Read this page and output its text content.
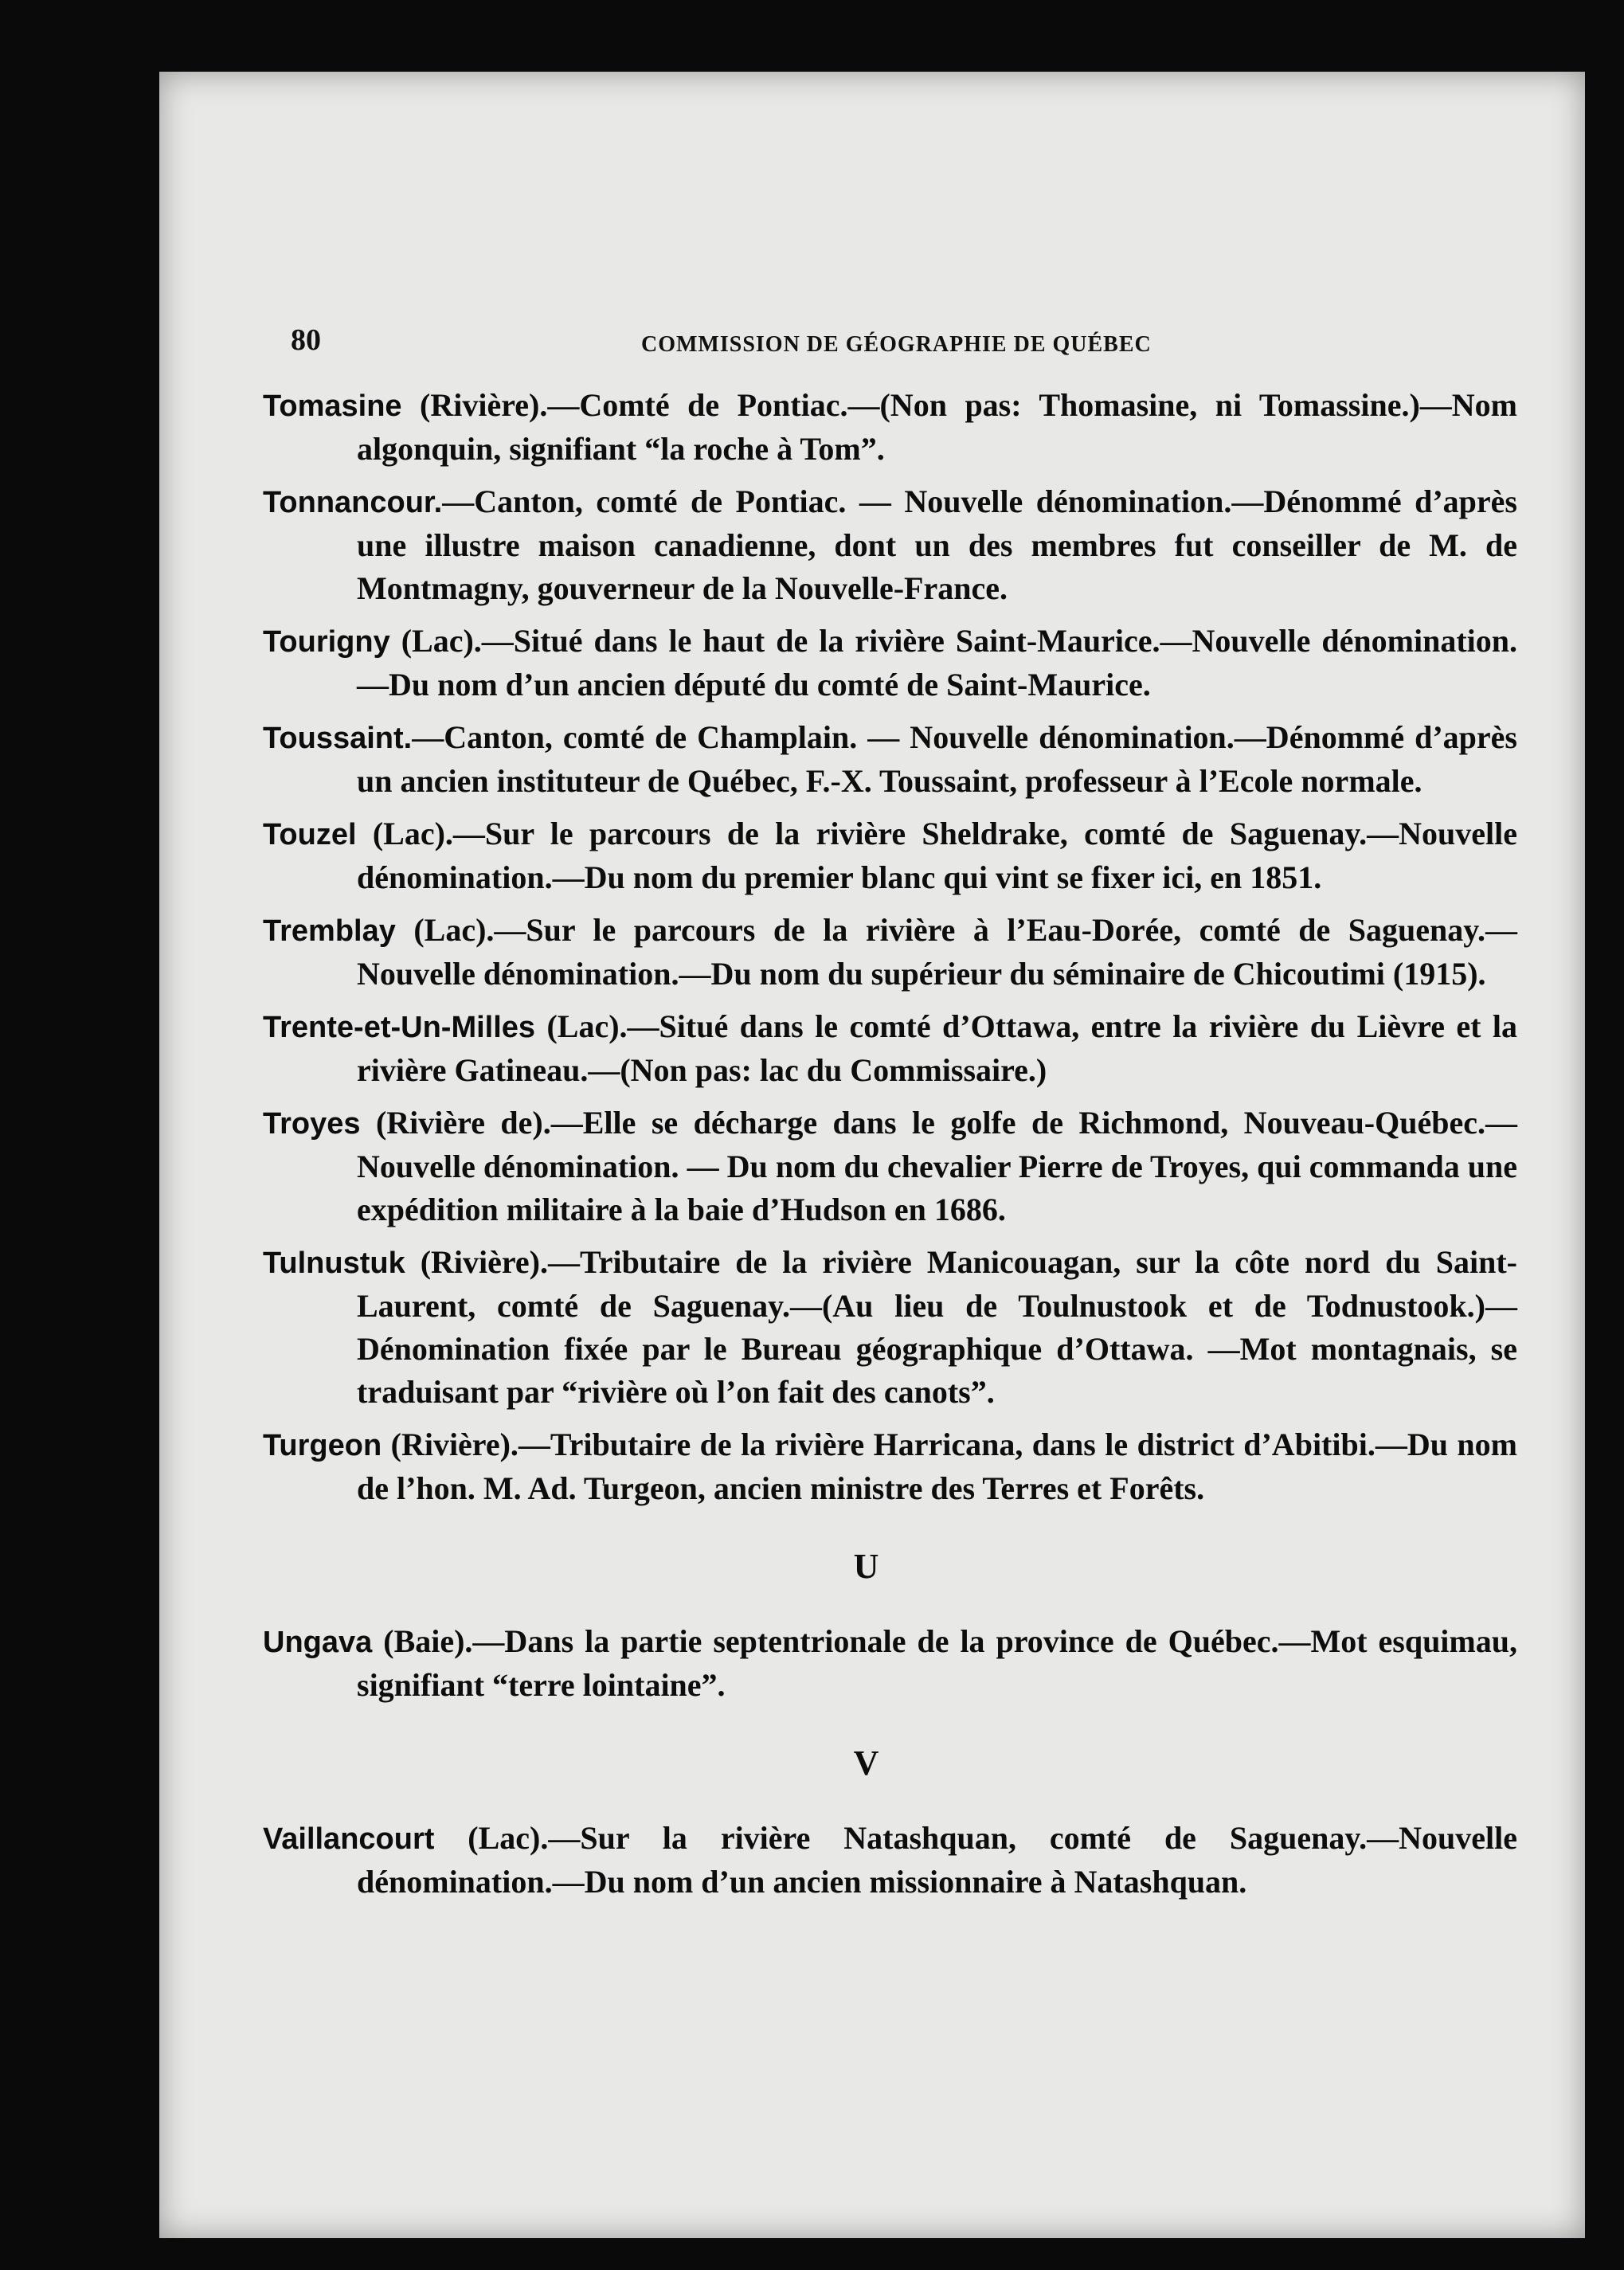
80	COMMISSION DE GÉOGRAPHIE DE QUÉBEC

Tomasine (Rivière).—Comté de Pontiac.—(Non pas: Thomasine, ni Tomassine.)—Nom algonquin, signifiant “la roche à Tom”.

Tonnancour.—Canton, comté de Pontiac. — Nouvelle dénomination.—Dénommé d’après une illustre maison canadienne, dont un des membres fut conseiller de M. de Montmagny, gouverneur de la Nouvelle-France.

Tourigny (Lac).—Situé dans le haut de la rivière Saint-Maurice.—Nouvelle dénomination.—Du nom d’un ancien député du comté de Saint-Maurice.

Toussaint.—Canton, comté de Champlain. — Nouvelle dénomination.—Dénommé d’après un ancien instituteur de Québec, F.-X. Toussaint, professeur à l’Ecole normale.

Touzel (Lac).—Sur le parcours de la rivière Sheldrake, comté de Saguenay.—Nouvelle dénomination.—Du nom du premier blanc qui vint se fixer ici, en 1851.

Tremblay (Lac).—Sur le parcours de la rivière à l’Eau-Dorée, comté de Saguenay.—Nouvelle dénomination.—Du nom du supérieur du séminaire de Chicoutimi (1915).

Trente-et-Un-Milles (Lac).—Situé dans le comté d’Ottawa, entre la rivière du Lièvre et la rivière Gatineau.—(Non pas: lac du Commissaire.)

Troyes (Rivière de).—Elle se décharge dans le golfe de Richmond, Nouveau-Québec.—Nouvelle dénomination. — Du nom du chevalier Pierre de Troyes, qui commanda une expédition militaire à la baie d’Hudson en 1686.

Tulnustuk (Rivière).—Tributaire de la rivière Manicouagan, sur la côte nord du Saint-Laurent, comté de Saguenay.—(Au lieu de Toulnustook et de Todnustook.)—Dénomination fixée par le Bureau géographique d’Ottawa. —Mot montagnais, se traduisant par “rivière où l’on fait des canots”.

Turgeon (Rivière).—Tributaire de la rivière Harricana, dans le district d’Abitibi.—Du nom de l’hon. M. Ad. Turgeon, ancien ministre des Terres et Forêts.

U

Ungava (Baie).—Dans la partie septentrionale de la province de Québec.—Mot esquimau, signifiant “terre lointaine”.

V

Vaillancourt (Lac).—Sur la rivière Natashquan, comté de Saguenay.—Nouvelle dénomination.—Du nom d’un ancien missionnaire à Natashquan.
